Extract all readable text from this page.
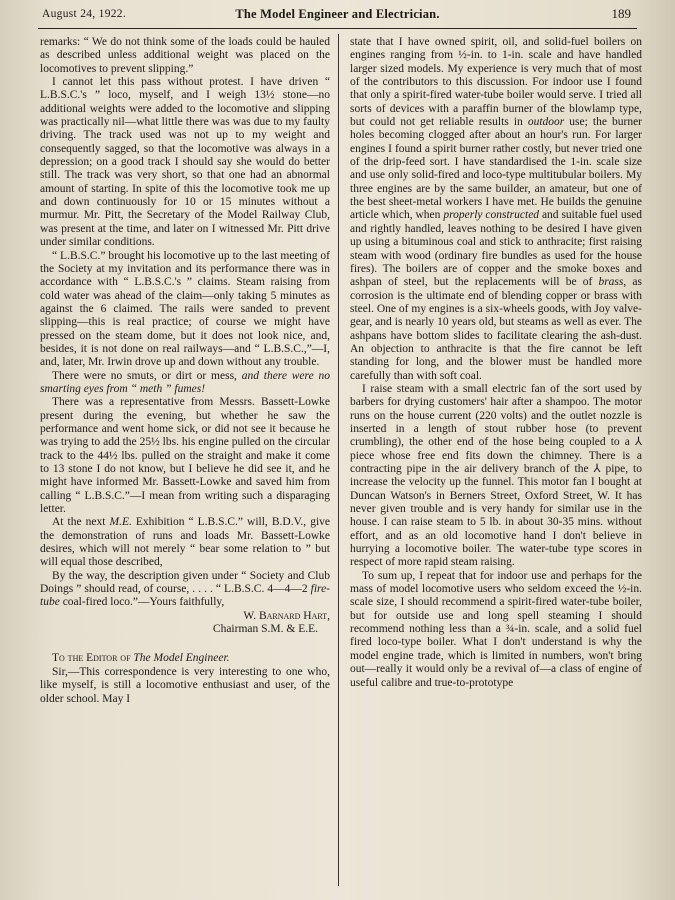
August 24, 1922.	The Model Engineer and Electrician.	189

remarks: “ We do not think some of the loads could be hauled as described unless additional weight was placed on the locomotives to prevent slipping.”

I cannot let this pass without protest. I have driven “ L.B.S.C.'s ” loco, myself, and I weigh 13½ stone—no additional weights were added to the locomotive and slipping was practically nil—what little there was was due to my faulty driving. The track used was not up to my weight and consequently sagged, so that the locomotive was always in a depression; on a good track I should say she would do better still. The track was very short, so that one had an abnormal amount of starting. In spite of this the locomotive took me up and down continuously for 10 or 15 minutes without a murmur. Mr. Pitt, the Secretary of the Model Railway Club, was present at the time, and later on I witnessed Mr. Pitt drive under similar conditions.

“ L.B.S.C.” brought his locomotive up to the last meeting of the Society at my invitation and its performance there was in accordance with “ L.B.S.C.'s ” claims. Steam raising from cold water was ahead of the claim—only taking 5 minutes as against the 6 claimed. The rails were sanded to prevent slipping—this is real practice; of course we might have pressed on the steam dome, but it does not look nice, and, besides, it is not done on real railways—and “ L.B.S.C.,”—I, and, later, Mr. Irwin drove up and down without any trouble.

There were no smuts, or dirt or mess, and there were no smarting eyes from “ meth ” fumes!

There was a representative from Messrs. Bassett-Lowke present during the evening, but whether he saw the performance and went home sick, or did not see it because he was trying to add the 25½ lbs. his engine pulled on the circular track to the 44½ lbs. pulled on the straight and make it come to 13 stone I do not know, but I believe he did see it, and he might have informed Mr. Bassett-Lowke and saved him from calling “ L.B.S.C.”—I mean from writing such a disparaging letter.

At the next M.E. Exhibition “ L.B.S.C.” will, B.D.V., give the demonstration of runs and loads Mr. Bassett-Lowke desires, which will not merely “ bear some relation to ” but will equal those described,

By the way, the description given under “ Society and Club Doings ” should read, of course, . . . . “ L.B.S.C. 4—4—2 fire-tube coal-fired loco.”—Yours faithfully,

W. Barnard Hart,

Chairman S.M. & E.E.

To the Editor of The Model Engineer.

Sir,—This correspondence is very interesting to one who, like myself, is still a locomotive enthusiast and user, of the older school. May I

state that I have owned spirit, oil, and solid-fuel boilers on engines ranging from ½-in. to 1-in. scale and have handled larger sized models. My experience is very much that of most of the contributors to this discussion. For indoor use I found that only a spirit-fired water-tube boiler would serve. I tried all sorts of devices with a paraffin burner of the blowlamp type, but could not get reliable results in outdoor use; the burner holes becoming clogged after about an hour's run. For larger engines I found a spirit burner rather costly, but never tried one of the drip-feed sort. I have standardised the 1-in. scale size and use only solid-fired and loco-type multitubular boilers. My three engines are by the same builder, an amateur, but one of the best sheet-metal workers I have met. He builds the genuine article which, when properly constructed and suitable fuel used and rightly handled, leaves nothing to be desired I have given up using a bituminous coal and stick to anthracite; first raising steam with wood (ordinary fire bundles as used for the house fires). The boilers are of copper and the smoke boxes and ashpan of steel, but the replacements will be of brass, as corrosion is the ultimate end of blending copper or brass with steel. One of my engines is a six-wheels goods, with Joy valve-gear, and is nearly 10 years old, but steams as well as ever. The ashpans have bottom slides to facilitate clearing the ash-dust. An objection to anthracite is that the fire cannot be left standing for long, and the blower must be handled more carefully than with soft coal.

I raise steam with a small electric fan of the sort used by barbers for drying customers' hair after a shampoo. The motor runs on the house current (220 volts) and the outlet nozzle is inserted in a length of stout rubber hose (to prevent crumbling), the other end of the hose being coupled to a ⅄ piece whose free end fits down the chimney. There is a contracting pipe in the air delivery branch of the ⅄ pipe, to increase the velocity up the funnel. This motor fan I bought at Duncan Watson's in Berners Street, Oxford Street, W. It has never given trouble and is very handy for similar use in the house. I can raise steam to 5 lb. in about 30-35 mins. without effort, and as an old locomotive hand I don't believe in hurrying a locomotive boiler. The water-tube type scores in respect of more rapid steam raising.

To sum up, I repeat that for indoor use and perhaps for the mass of model locomotive users who seldom exceed the ½-in. scale size, I should recommend a spirit-fired water-tube boiler, but for outside use and long spell steaming I should recommend nothing less than a ¾-in. scale, and a solid fuel fired loco-type boiler. What I don't understand is why the model engine trade, which is limited in numbers, won't bring out—really it would only be a revival of—a class of engine of useful calibre and true-to-prototype
